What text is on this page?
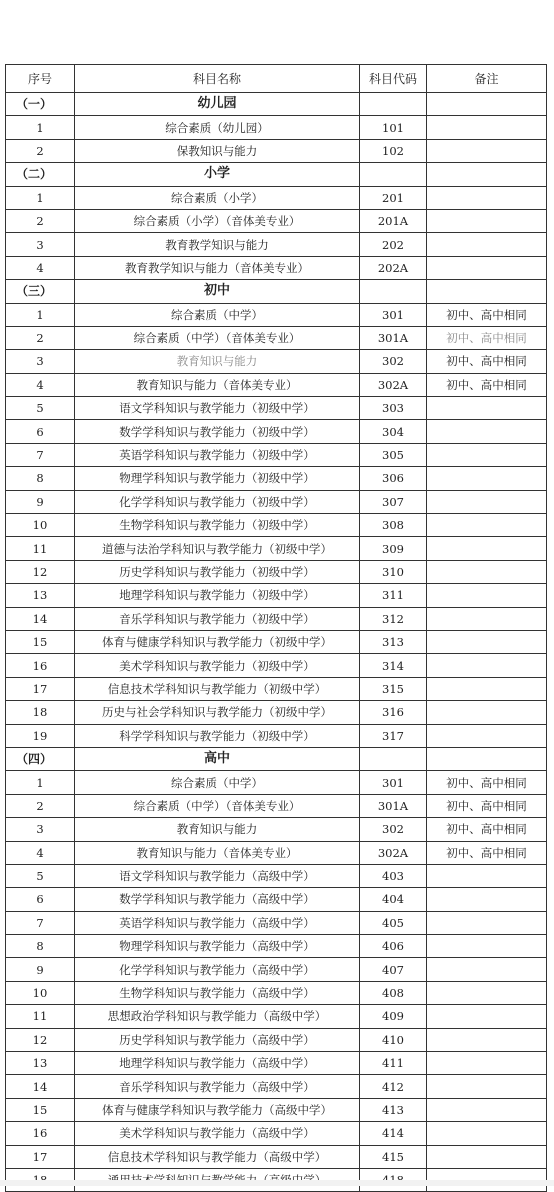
序号	科目名称	科目代码	备注
（一）	幼儿园		
1	综合素质（幼儿园）	101	
2	保教知识与能力	102	
（二）	小学		
1	综合素质（小学）	201	
2	综合素质（小学）（音体美专业）	201A	
3	教育教学知识与能力	202	
4	教育教学知识与能力（音体美专业）	202A	
（三）	初中		
1	综合素质（中学）	301	初中、高中相同
2	综合素质（中学）（音体美专业）	301A	初中、高中相同
3	教育知识与能力	302	初中、高中相同
4	教育知识与能力（音体美专业）	302A	初中、高中相同
5	语文学科知识与教学能力（初级中学）	303	
6	数学学科知识与教学能力（初级中学）	304	
7	英语学科知识与教学能力（初级中学）	305	
8	物理学科知识与教学能力（初级中学）	306	
9	化学学科知识与教学能力（初级中学）	307	
10	生物学科知识与教学能力（初级中学）	308	
11	道德与法治学科知识与教学能力（初级中学）	309	
12	历史学科知识与教学能力（初级中学）	310	
13	地理学科知识与教学能力（初级中学）	311	
14	音乐学科知识与教学能力（初级中学）	312	
15	体育与健康学科知识与教学能力（初级中学）	313	
16	美术学科知识与教学能力（初级中学）	314	
17	信息技术学科知识与教学能力（初级中学）	315	
18	历史与社会学科知识与教学能力（初级中学）	316	
19	科学学科知识与教学能力（初级中学）	317	
（四）	高中		
1	综合素质（中学）	301	初中、高中相同
2	综合素质（中学）（音体美专业）	301A	初中、高中相同
3	教育知识与能力	302	初中、高中相同
4	教育知识与能力（音体美专业）	302A	初中、高中相同
5	语文学科知识与教学能力（高级中学）	403	
6	数学学科知识与教学能力（高级中学）	404	
7	英语学科知识与教学能力（高级中学）	405	
8	物理学科知识与教学能力（高级中学）	406	
9	化学学科知识与教学能力（高级中学）	407	
10	生物学科知识与教学能力（高级中学）	408	
11	思想政治学科知识与教学能力（高级中学）	409	
12	历史学科知识与教学能力（高级中学）	410	
13	地理学科知识与教学能力（高级中学）	411	
14	音乐学科知识与教学能力（高级中学）	412	
15	体育与健康学科知识与教学能力（高级中学）	413	
16	美术学科知识与教学能力（高级中学）	414	
17	信息技术学科知识与教学能力（高级中学）	415	
